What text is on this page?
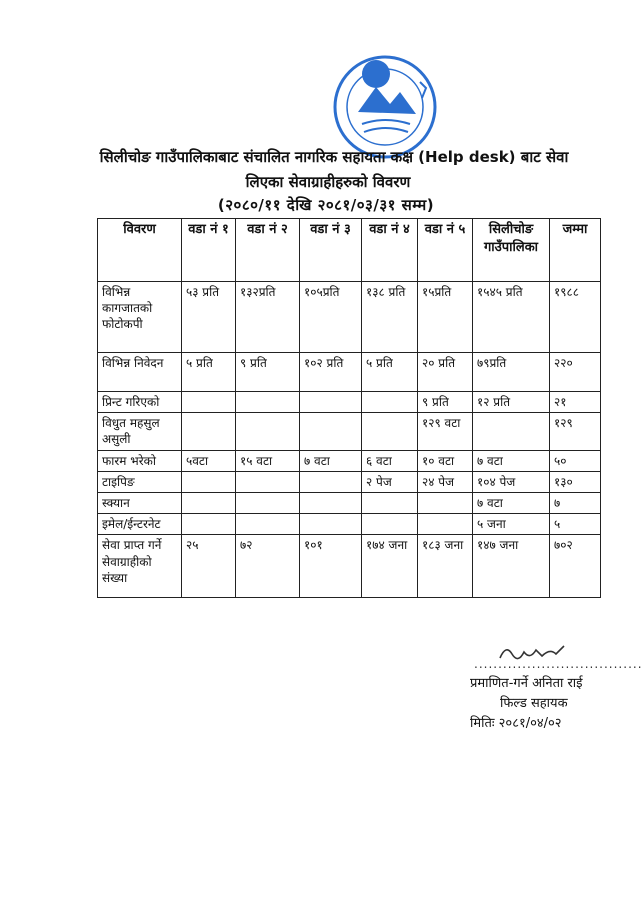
सिलीचोङ गाउँपालिकाबाट संचालित नागरिक सहायता कक्ष (Help desk) बाट सेवा
लिएका सेवाग्राहीहरुको विवरण
(२०८०/११ देखि २०८१/०३/३१ सम्म)
विवरण	वडा नं १	वडा नं २	वडा नं ३	वडा नं ४	वडा नं ५	सिलीचोङ गाउँपालिका	जम्मा
विभिन्न कागजातको फोटोकपी	५३ प्रति	१३२प्रति	१०५प्रति	१३८ प्रति	१५प्रति	१५४५ प्रति	१९८८
विभिन्न निवेदन	५ प्रति	९ प्रति	१०२ प्रति	५ प्रति	२० प्रति	७९प्रति	२२०
प्रिन्ट गरिएको					९ प्रति	१२ प्रति	२१
विधुत महसुल असुली					१२९ वटा		१२९
फारम भरेको	५वटा	१५ वटा	७ वटा	६ वटा	१० वटा	७ वटा	५०
टाइपिङ				२ पेज	२४ पेज	१०४ पेज	१३०
स्क्यान						७ वटा	७
इमेल/ईन्टरनेट						५ जना	५
सेवा प्राप्त गर्ने सेवाग्राहीको संख्या	२५	७२	१०१	१७४ जना	१८३ जना	१४७ जना	७०२
...................................
प्रमाणित-गर्ने अनिता राई
फिल्ड सहायक
मितिः २०८१/०४/०२
